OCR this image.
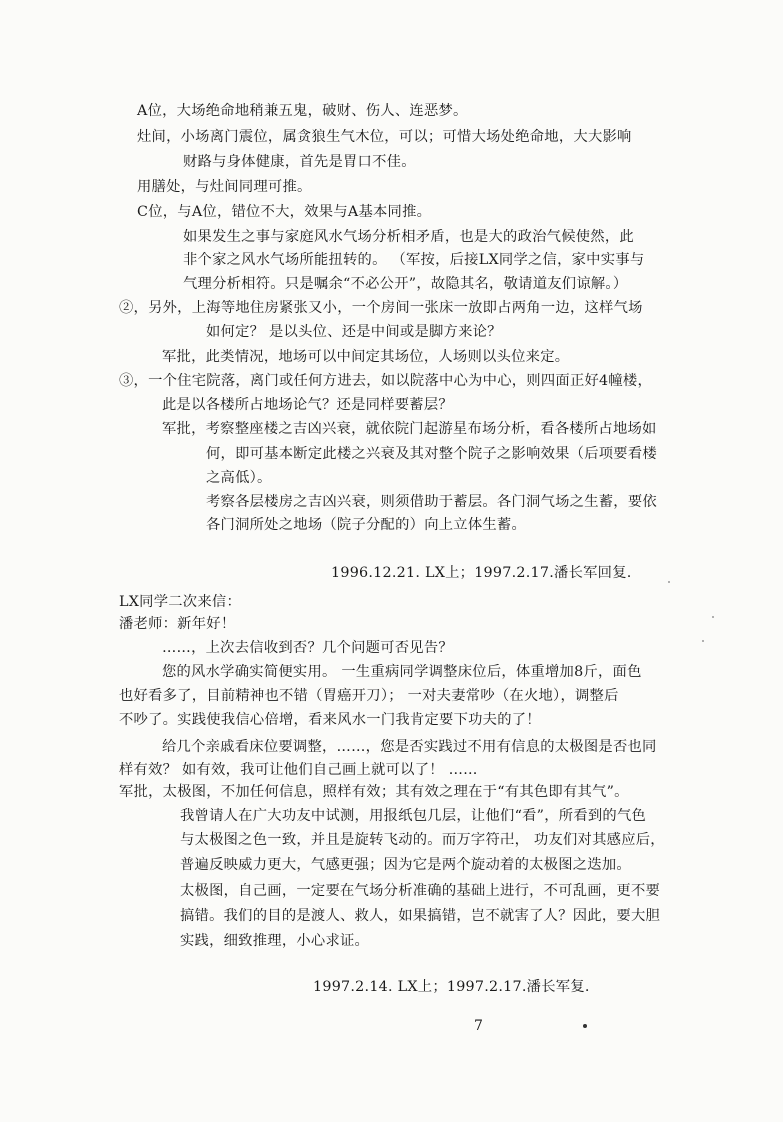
A位，大场绝命地稍兼五鬼，破财、伤人、连恶梦。
灶间，小场离门震位，属贪狼生气木位，可以；可惜大场处绝命地，大大影响
财路与身体健康，首先是胃口不佳。
用膳处，与灶间同理可推。
C位，与A位，错位不大，效果与A基本同推。
如果发生之事与家庭风水气场分析相矛盾，也是大的政治气候使然，此
非个家之风水气场所能扭转的。 （军按，后接LX同学之信，家中实事与
气理分析相符。只是嘱余“不必公开”，故隐其名，敬请道友们谅解。）
②，另外，上海等地住房紧张又小，一个房间一张床一放即占两角一边，这样气场
如何定？ 是以头位、还是中间或是脚方来论？
军批，此类情况，地场可以中间定其场位，人场则以头位来定。
③，一个住宅院落，离门或任何方进去，如以院落中心为中心，则四面正好4幢楼，
此是以各楼所占地场论气？还是同样要蓄层？
军批，考察整座楼之吉凶兴衰，就依院门起游星布场分析，看各楼所占地场如
何，即可基本断定此楼之兴衰及其对整个院子之影响效果（后项要看楼
之高低）。
考察各层楼房之吉凶兴衰，则须借助于蓄层。各门洞气场之生蓄，要依
各门洞所处之地场（院子分配的）向上立体生蓄。
1996.12.21. LX上；1997.2.17.潘长军回复.
LX同学二次来信：
潘老师：新年好！
……，上次去信收到否？几个问题可否见告？
您的风水学确实简便实用。 一生重病同学调整床位后，体重增加8斤，面色
也好看多了，目前精神也不错（胃癌开刀）； 一对夫妻常吵（在火地），调整后
不吵了。实践使我信心倍增，看来风水一门我肯定要下功夫的了！
给几个亲戚看床位要调整，……，您是否实践过不用有信息的太极图是否也同
样有效？ 如有效，我可让他们自己画上就可以了！ ……
军批，太极图，不加任何信息，照样有效；其有效之理在于“有其色即有其气”。
我曾请人在广大功友中试测，用报纸包几层，让他们“看”，所看到的气色
与太极图之色一致，并且是旋转飞动的。而万字符卍， 功友们对其感应后，
普遍反映威力更大，气感更强；因为它是两个旋动着的太极图之迭加。
太极图，自己画，一定要在气场分析准确的基础上进行，不可乱画，更不要
搞错。我们的目的是渡人、救人，如果搞错，岂不就害了人？因此，要大胆
实践，细致推理，小心求证。
1997.2.14. LX上；1997.2.17.潘长军复.
7
